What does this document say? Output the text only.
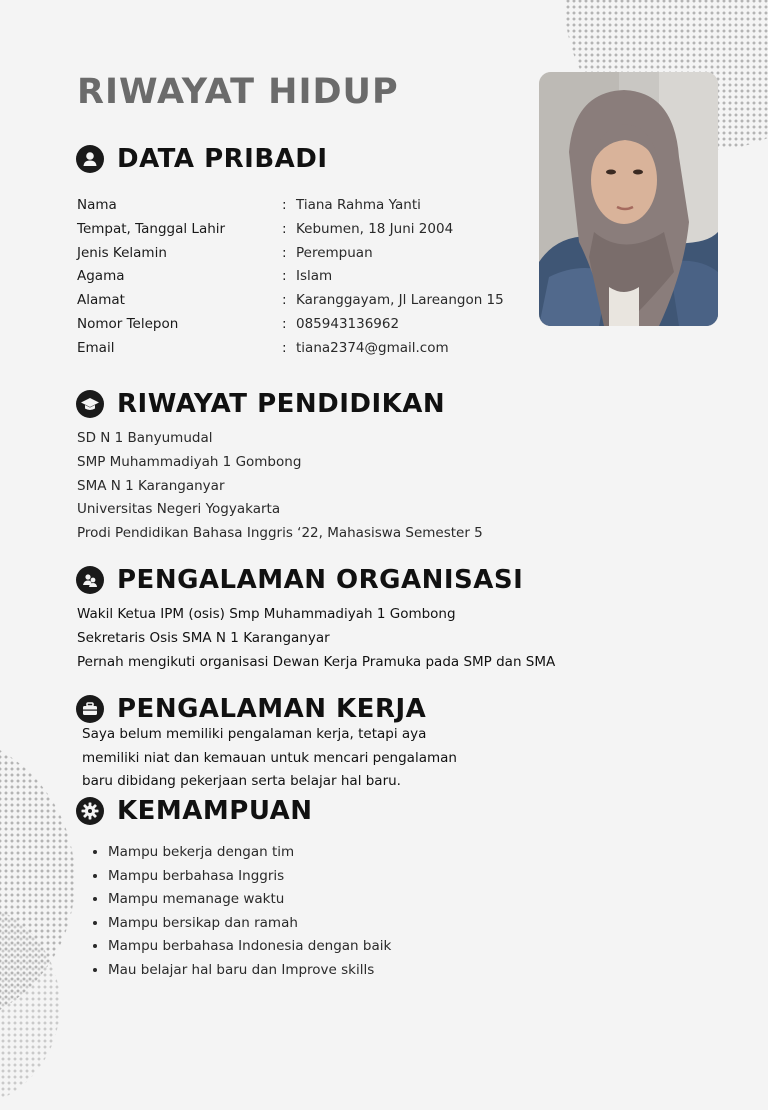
RIWAYAT HIDUP
DATA PRIBADI
Nama	: Tiana Rahma Yanti
Tempat, Tanggal Lahir	: Kebumen, 18 Juni 2004
Jenis Kelamin	: Perempuan
Agama	: Islam
Alamat	: Karanggayam, Jl Lareangon 15
Nomor Telepon	: 085943136962
Email	: tiana2374@gmail.com
RIWAYAT PENDIDIKAN
SD N 1 Banyumudal
SMP Muhammadiyah 1 Gombong
SMA N 1 Karanganyar
Universitas Negeri Yogyakarta
Prodi Pendidikan Bahasa Inggris ‘22, Mahasiswa Semester 5
PENGALAMAN ORGANISASI
Wakil Ketua IPM (osis) Smp Muhammadiyah 1 Gombong
Sekretaris Osis SMA N 1 Karanganyar
Pernah mengikuti organisasi Dewan Kerja Pramuka pada SMP dan SMA
PENGALAMAN KERJA
Saya belum memiliki pengalaman kerja, tetapi aya
memiliki niat dan kemauan untuk mencari pengalaman
baru dibidang pekerjaan serta belajar hal baru.
KEMAMPUAN
• Mampu bekerja dengan tim
• Mampu berbahasa Inggris
• Mampu memanage waktu
• Mampu bersikap dan ramah
• Mampu berbahasa Indonesia dengan baik
• Mau belajar hal baru dan Improve skills
